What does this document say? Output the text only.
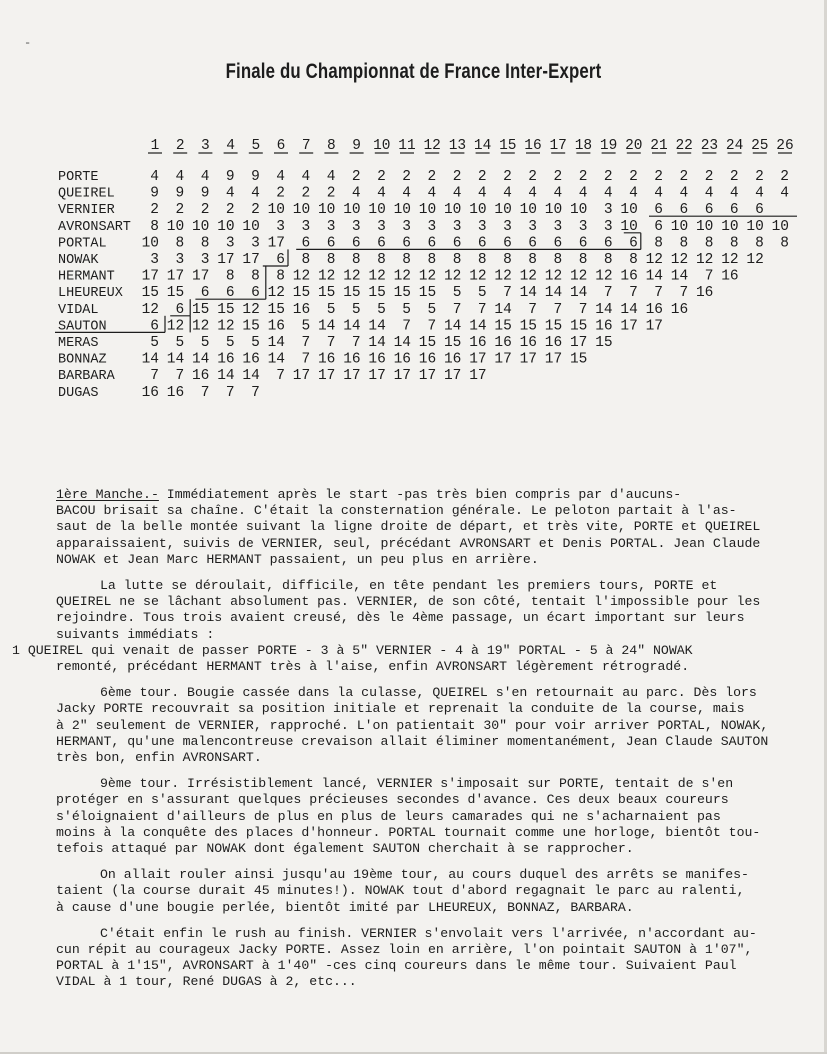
-
Finale du Championnat de France Inter-Expert
1 2 3 4 5 6 7 8 9 10 11 12 13 14 15 16 17 18 19 20 21 22 23 24 25 26
PORTE	4 4 4 9 9 4 4 4 2 2 2 2 2 2 2 2 2 2 2 2 2 2 2 2 2 2
QUEIREL 9 9 9 4 4 2 2 2 4 4 4 4 4 4 4 4 4 4 4 4 4 4 4 4 4 4
VERNIER 2 2 2 2 2 10 10 10 10 10 10 10 10 10 10 10 10 10 3 10 6 6 6 6 6
AVRONSART 8 10 10 10 10 3 3 3 3 3 3 3 3 3 3 3 3 3 3 10 6 10 10 10 10 10
PORTAL 10 8 8 3 3 17 6 6 6 6 6 6 6 6 6 6 6 6 6 6 8 8 8 8 8 8
NOWAK	3 3 3 17 17 6 8 8 8 8 8 8 8 8 8 8 8 8 8 8 12 12 12 12 12
HERMANT 17 17 17 8 8 8 12 12 12 12 12 12 12 12 12 12 12 12 12 16 14 14 7 16
LHEUREUX 15 15 6 6 6 12 15 15 15 15 15 15 5 5 7 14 14 14 7 7 7 7 16
VIDAL	12 6 15 15 12 15 16 5 5 5 5 5 7 7 14 7 7 7 14 14 16 16
SAUTON	6 12 12 12 15 16 5 14 14 14 7 7 14 14 15 15 15 15 16 17 17
MERAS	5 5 5 5 5 14 7 7 7 14 14 15 15 16 16 16 16 17 15
BONNAZ 14 14 14 16 16 14 7 16 16 16 16 16 16 17 17 17 17 15
BARBARA 7 7 16 14 14 7 17 17 17 17 17 17 17 17
DUGAS	16 16 7 7 7

1ère Manche.- Immédiatement après le start -pas très bien compris par d'aucuns-
BACOU brisait sa chaîne. C'était la consternation générale. Le peloton partait à l'as-
saut de la belle montée suivant la ligne droite de départ, et très vite, PORTE et QUEIREL
apparaissaient, suivis de VERNIER, seul, précédant AVRONSART et Denis PORTAL. Jean Claude
NOWAK et Jean Marc HERMANT passaient, un peu plus en arrière.

La lutte se déroulait, difficile, en tête pendant les premiers tours, PORTE et
QUEIREL ne se lâchant absolument pas. VERNIER, de son côté, tentait l'impossible pour les
rejoindre. Tous trois avaient creusé, dès le 4ème passage, un écart important sur leurs
suivants immédiats :
1 QUEIREL qui venait de passer PORTE - 3 à 5" VERNIER - 4 à 19" PORTAL - 5 à 24" NOWAK
remonté, précédant HERMANT très à l'aise, enfin AVRONSART légèrement rétrogradé.

6ème tour. Bougie cassée dans la culasse, QUEIREL s'en retournait au parc. Dès lors
Jacky PORTE recouvrait sa position initiale et reprenait la conduite de la course, mais
à 2" seulement de VERNIER, rapproché. L'on patientait 30" pour voir arriver PORTAL, NOWAK,
HERMANT, qu'une malencontreuse crevaison allait éliminer momentanément, Jean Claude SAUTON
très bon, enfin AVRONSART.

9ème tour. Irrésistiblement lancé, VERNIER s'imposait sur PORTE, tentait de s'en
protéger en s'assurant quelques précieuses secondes d'avance. Ces deux beaux coureurs
s'éloignaient d'ailleurs de plus en plus de leurs camarades qui ne s'acharnaient pas
moins à la conquête des places d'honneur. PORTAL tournait comme une horloge, bientôt tou-
tefois attaqué par NOWAK dont également SAUTON cherchait à se rapprocher.

On allait rouler ainsi jusqu'au 19ème tour, au cours duquel des arrêts se manifes-
taient (la course durait 45 minutes!). NOWAK tout d'abord regagnait le parc au ralenti,
à cause d'une bougie perlée, bientôt imité par LHEUREUX, BONNAZ, BARBARA.

C'était enfin le rush au finish. VERNIER s'envolait vers l'arrivée, n'accordant au-
cun répit au courageux Jacky PORTE. Assez loin en arrière, l'on pointait SAUTON à 1'07",
PORTAL à 1'15", AVRONSART à 1'40" -ces cinq coureurs dans le même tour. Suivaient Paul
VIDAL à 1 tour, René DUGAS à 2, etc...
